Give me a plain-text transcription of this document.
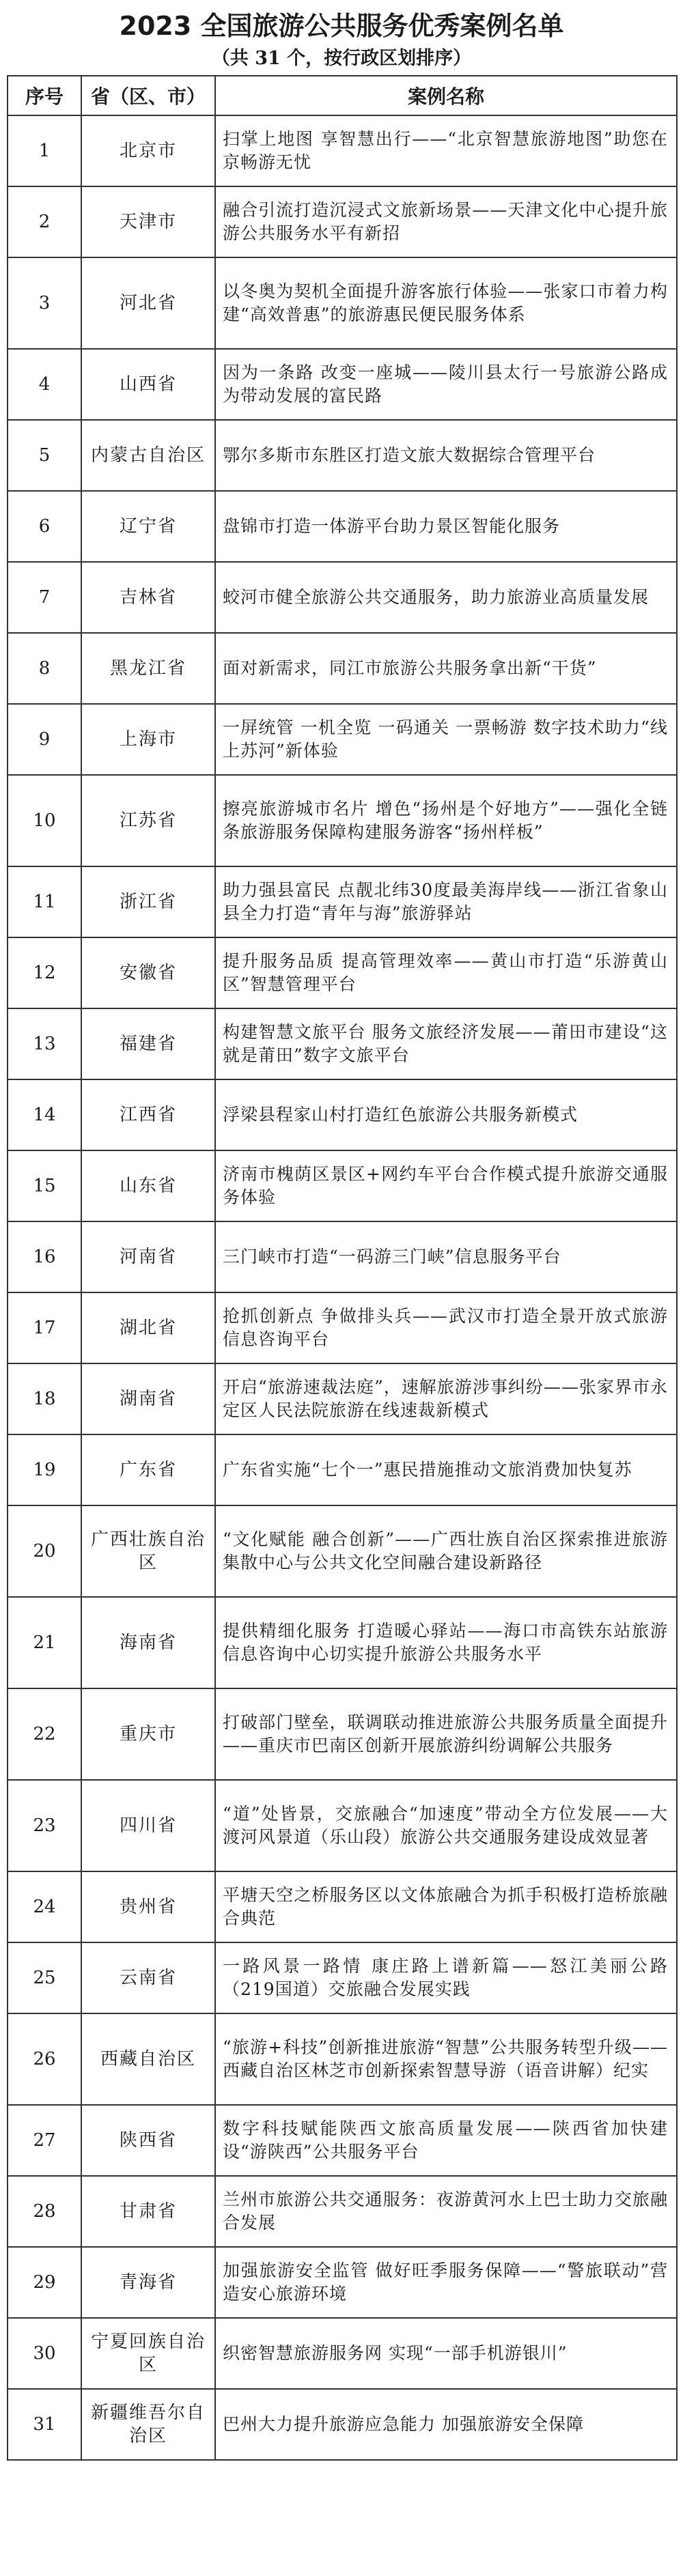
2023 全国旅游公共服务优秀案例名单

（共 31 个，按行政区划排序）

序号	省（区、市）	案例名称
1	北京市	扫掌上地图 享智慧出行——“北京智慧旅游地图”助您在京畅游无忧
2	天津市	融合引流打造沉浸式文旅新场景——天津文化中心提升旅游公共服务水平有新招
3	河北省	以冬奥为契机全面提升游客旅行体验——张家口市着力构建“高效普惠”的旅游惠民便民服务体系
4	山西省	因为一条路 改变一座城——陵川县太行一号旅游公路成为带动发展的富民路
5	内蒙古自治区	鄂尔多斯市东胜区打造文旅大数据综合管理平台
6	辽宁省	盘锦市打造一体游平台助力景区智能化服务
7	吉林省	蛟河市健全旅游公共交通服务，助力旅游业高质量发展
8	黑龙江省	面对新需求，同江市旅游公共服务拿出新“干货”
9	上海市	一屏统管 一机全览 一码通关 一票畅游 数字技术助力“线上苏河”新体验
10	江苏省	擦亮旅游城市名片 增色“扬州是个好地方”——强化全链条旅游服务保障构建服务游客“扬州样板”
11	浙江省	助力强县富民 点靓北纬30度最美海岸线——浙江省象山县全力打造“青年与海”旅游驿站
12	安徽省	提升服务品质 提高管理效率——黄山市打造“乐游黄山区”智慧管理平台
13	福建省	构建智慧文旅平台 服务文旅经济发展——莆田市建设“这就是莆田”数字文旅平台
14	江西省	浮梁县程家山村打造红色旅游公共服务新模式
15	山东省	济南市槐荫区景区+网约车平台合作模式提升旅游交通服务体验
16	河南省	三门峡市打造“一码游三门峡”信息服务平台
17	湖北省	抢抓创新点 争做排头兵——武汉市打造全景开放式旅游信息咨询平台
18	湖南省	开启“旅游速裁法庭”，速解旅游涉事纠纷——张家界市永定区人民法院旅游在线速裁新模式
19	广东省	广东省实施“七个一”惠民措施推动文旅消费加快复苏
20	广西壮族自治区	“文化赋能 融合创新”——广西壮族自治区探索推进旅游集散中心与公共文化空间融合建设新路径
21	海南省	提供精细化服务 打造暖心驿站——海口市高铁东站旅游信息咨询中心切实提升旅游公共服务水平
22	重庆市	打破部门壁垒，联调联动推进旅游公共服务质量全面提升——重庆市巴南区创新开展旅游纠纷调解公共服务
23	四川省	“道”处皆景，交旅融合“加速度”带动全方位发展——大渡河风景道（乐山段）旅游公共交通服务建设成效显著
24	贵州省	平塘天空之桥服务区以文体旅融合为抓手积极打造桥旅融合典范
25	云南省	一路风景一路情 康庄路上谱新篇——怒江美丽公路（219国道）交旅融合发展实践
26	西藏自治区	“旅游+科技”创新推进旅游“智慧”公共服务转型升级——西藏自治区林芝市创新探索智慧导游（语音讲解）纪实
27	陕西省	数字科技赋能陕西文旅高质量发展——陕西省加快建设“游陕西”公共服务平台
28	甘肃省	兰州市旅游公共交通服务：夜游黄河水上巴士助力交旅融合发展
29	青海省	加强旅游安全监管 做好旺季服务保障——“警旅联动”营造安心旅游环境
30	宁夏回族自治区	织密智慧旅游服务网 实现“一部手机游银川”
31	新疆维吾尔自治区	巴州大力提升旅游应急能力 加强旅游安全保障
